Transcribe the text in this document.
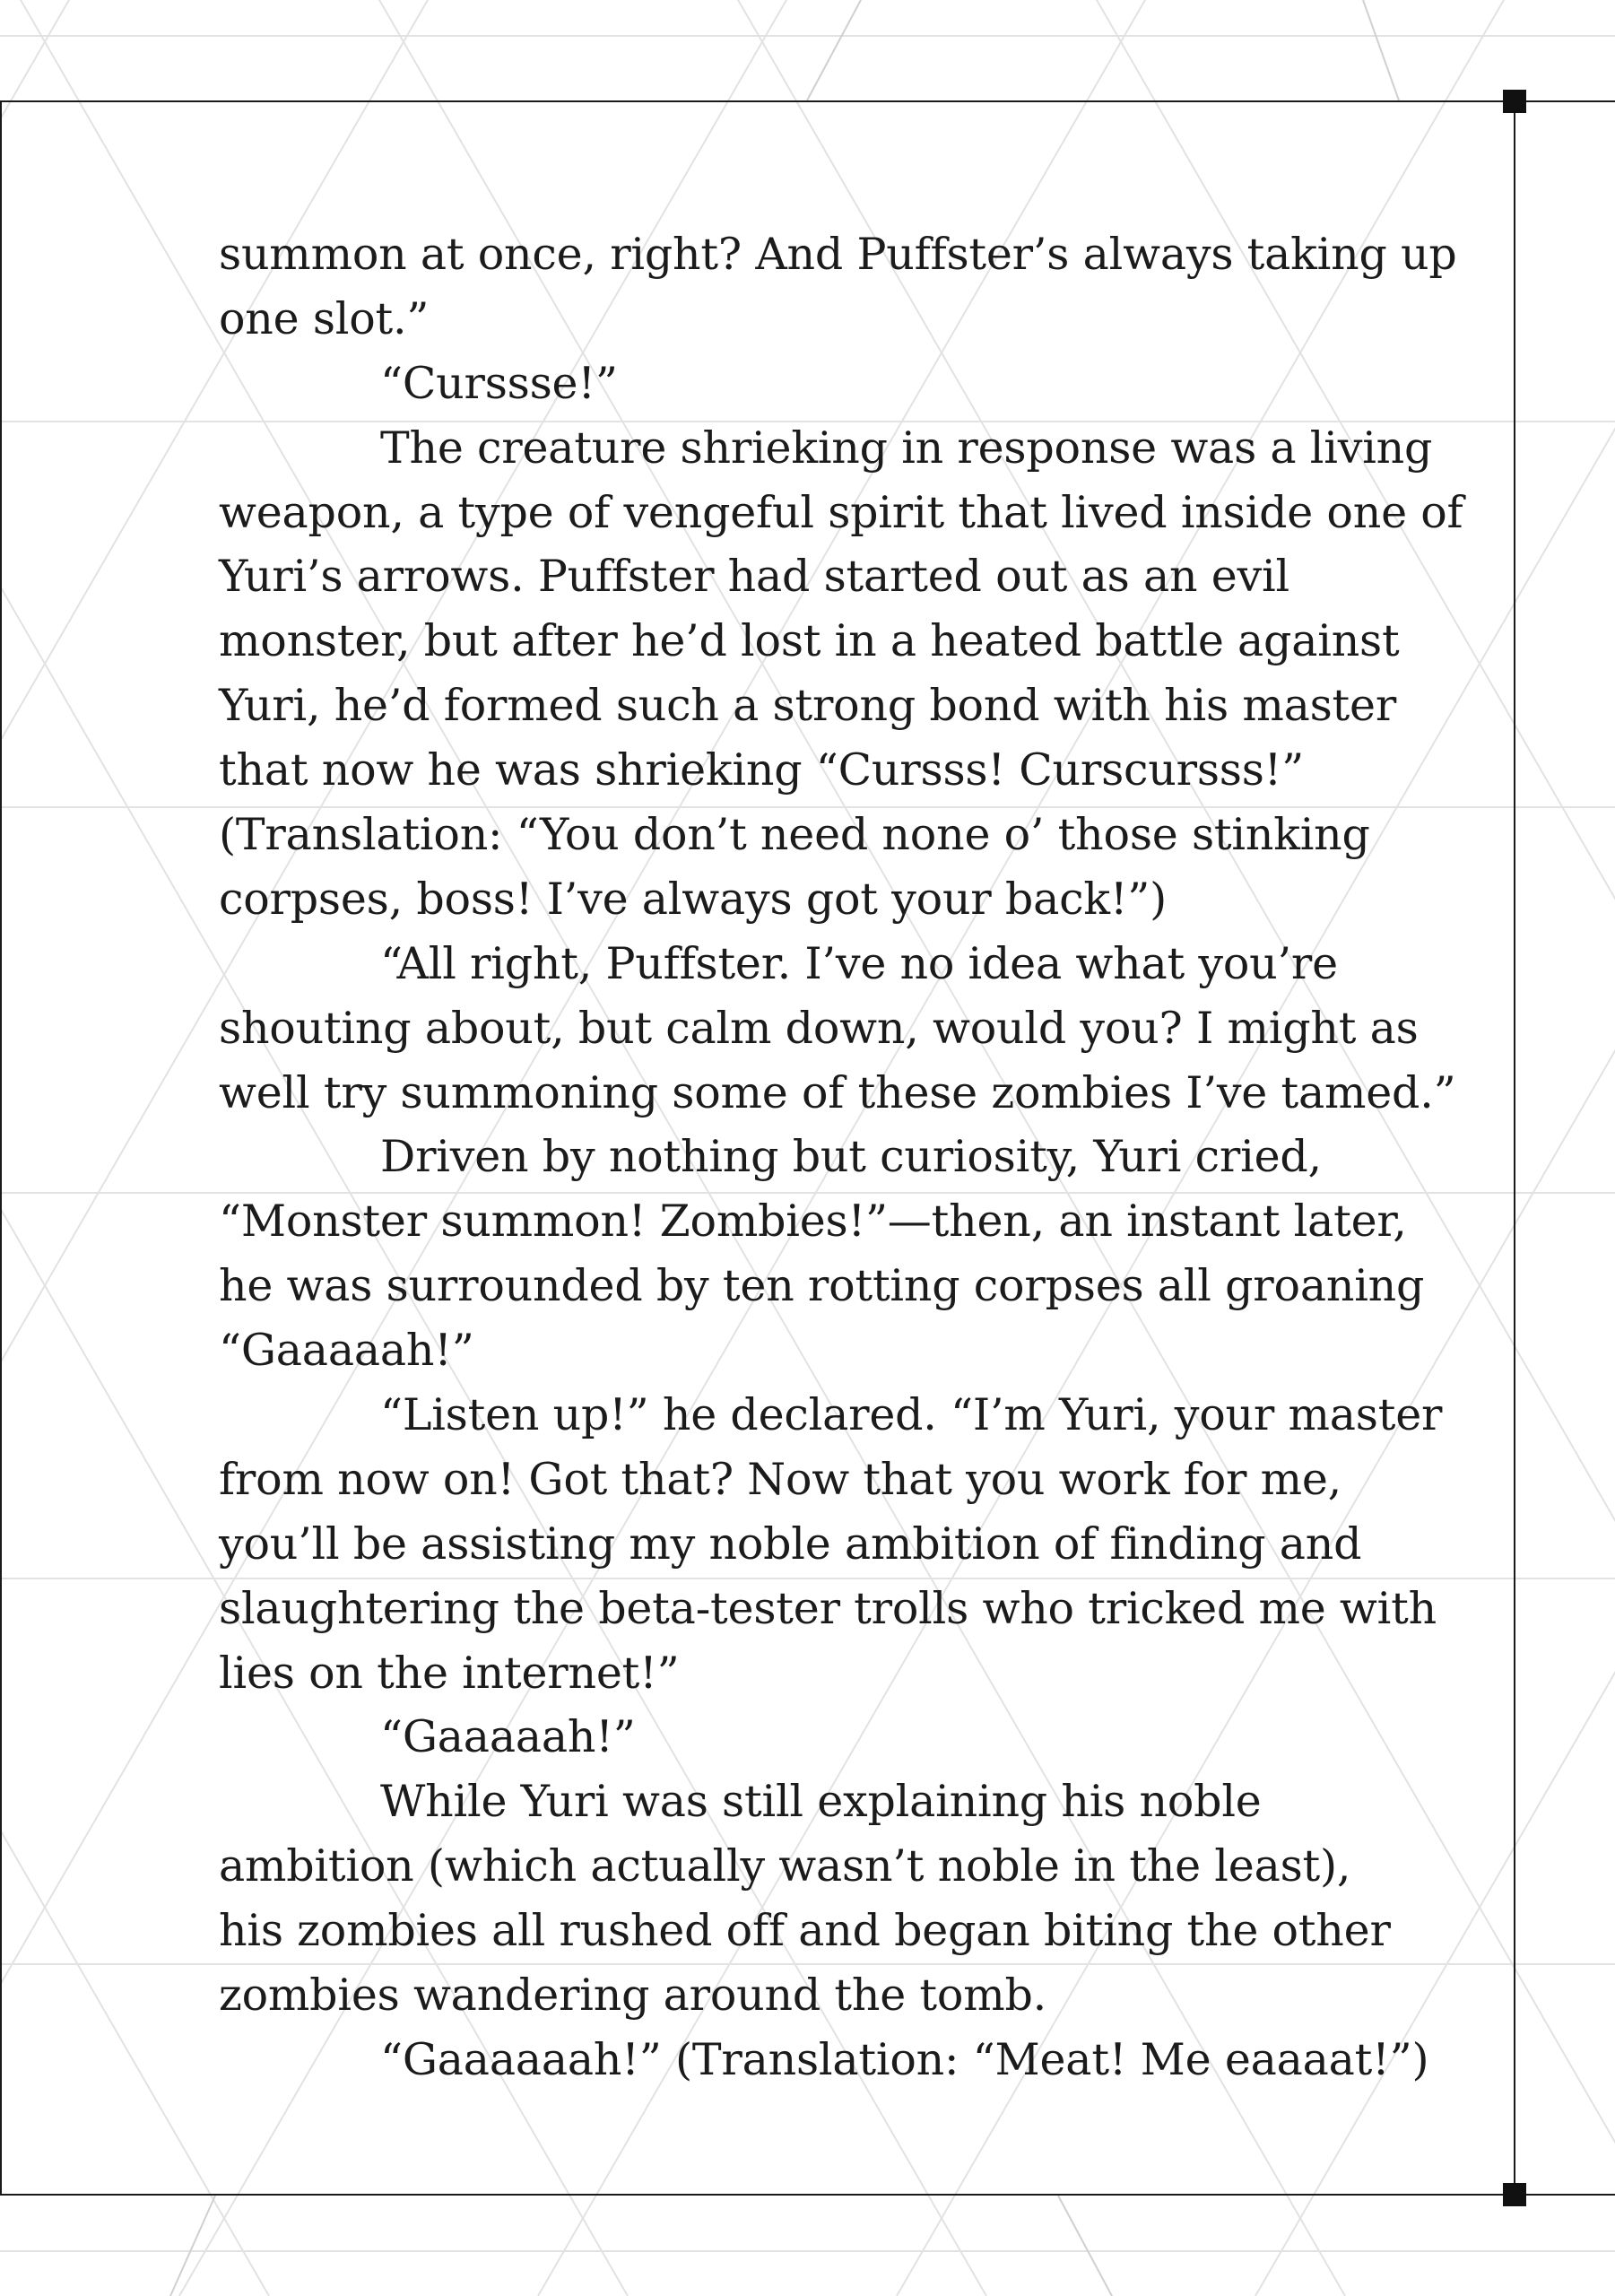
summon at once, right? And Puffster’s always taking up
one slot.”
“Curssse!”
The creature shrieking in response was a living
weapon, a type of vengeful spirit that lived inside one of
Yuri’s arrows. Puffster had started out as an evil
monster, but after he’d lost in a heated battle against
Yuri, he’d formed such a strong bond with his master
that now he was shrieking “Cursss! Curscursss!”
(Translation: “You don’t need none o’ those stinking
corpses, boss! I’ve always got your back!”)
“All right, Puffster. I’ve no idea what you’re
shouting about, but calm down, would you? I might as
well try summoning some of these zombies I’ve tamed.”
Driven by nothing but curiosity, Yuri cried,
“Monster summon! Zombies!”—then, an instant later,
he was surrounded by ten rotting corpses all groaning
“Gaaaaah!”
“Listen up!” he declared. “I’m Yuri, your master
from now on! Got that? Now that you work for me,
you’ll be assisting my noble ambition of finding and
slaughtering the beta-tester trolls who tricked me with
lies on the internet!”
“Gaaaaah!”
While Yuri was still explaining his noble
ambition (which actually wasn’t noble in the least),
his zombies all rushed off and began biting the other
zombies wandering around the tomb.
“Gaaaaaah!” (Translation: “Meat! Me eaaaat!”)
